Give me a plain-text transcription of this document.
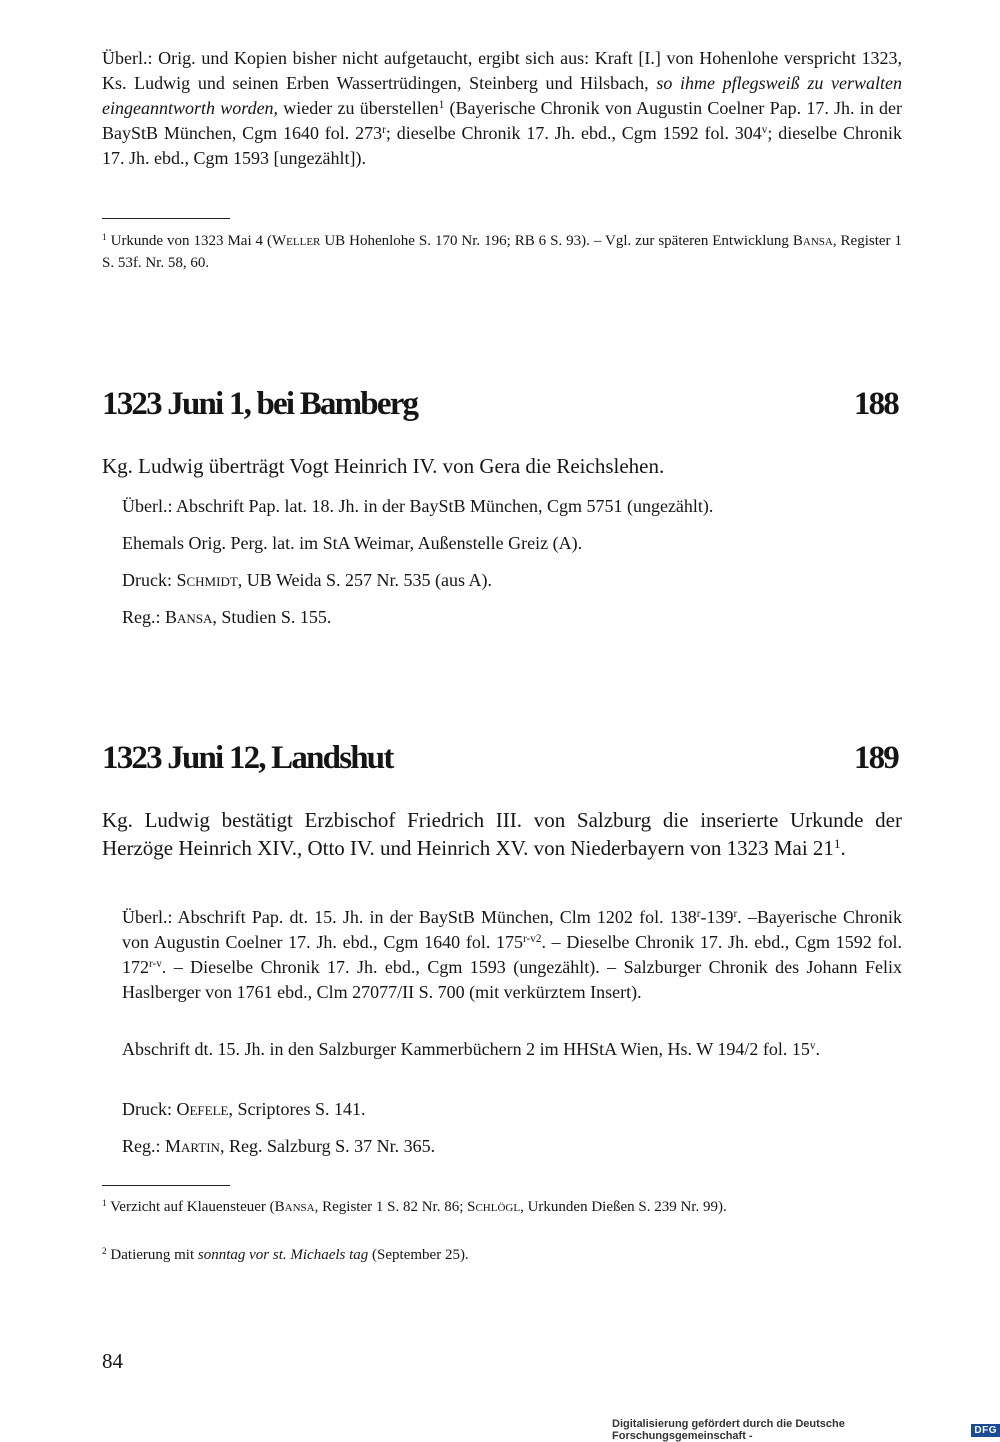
Überl.: Orig. und Kopien bisher nicht aufgetaucht, ergibt sich aus: Kraft [I.] von Hohenlohe verspricht 1323, Ks. Ludwig und seinen Erben Wassertrüdingen, Steinberg und Hilsbach, so ihme pflegsweiß zu verwalten eingeanntworth worden, wieder zu überstellen$^1$ (Bayerische Chronik von Augustin Coelner Pap. 17. Jh. in der BayStB München, Cgm 1640 fol. 273$^r$; dieselbe Chronik 17. Jh. ebd., Cgm 1592 fol. 304$^v$; dieselbe Chronik 17. Jh. ebd., Cgm 1593 [ungezählt]).

$^1$ Urkunde von 1323 Mai 4 (Weller UB Hohenlohe S. 170 Nr. 196; RB 6 S. 93). – Vgl. zur späteren Entwicklung Bansa, Register 1 S. 53f. Nr. 58, 60.

1323 Juni 1, bei Bamberg	188

Kg. Ludwig überträgt Vogt Heinrich IV. von Gera die Reichslehen.

Überl.: Abschrift Pap. lat. 18. Jh. in der BayStB München, Cgm 5751 (ungezählt).

Ehemals Orig. Perg. lat. im StA Weimar, Außenstelle Greiz (A).

Druck: Schmidt, UB Weida S. 257 Nr. 535 (aus A).

Reg.: Bansa, Studien S. 155.

1323 Juni 12, Landshut	189

Kg. Ludwig bestätigt Erzbischof Friedrich III. von Salzburg die inserierte Urkunde der Herzöge Heinrich XIV., Otto IV. und Heinrich XV. von Niederbayern von 1323 Mai $21^1$.

Überl.: Abschrift Pap. dt. 15. Jh. in der BayStB München, Clm 1202 fol. 138$^r$-139$^r$. –Bayerische Chronik von Augustin Coelner 17. Jh. ebd., Cgm 1640 fol. $175^{r-v2}$. – Dieselbe Chronik 17. Jh. ebd., Cgm 1592 fol. 172$^{r-v}$. – Dieselbe Chronik 17. Jh. ebd., Cgm 1593 (ungezählt). – Salzburger Chronik des Johann Felix Haslberger von 1761 ebd., Clm 27077/II S. 700 (mit verkürztem Insert).

Abschrift dt. 15. Jh. in den Salzburger Kammerbüchern 2 im HHStA Wien, Hs. W 194/2 fol. 15$^v$.

Druck: Oefele, Scriptores S. 141.

Reg.: Martin, Reg. Salzburg S. 37 Nr. 365.

$^1$ Verzicht auf Klauensteuer (Bansa, Register 1 S. 82 Nr. 86; Schlögl, Urkunden Dießen S. 239 Nr. 99).

$^2$ Datierung mit sonntag vor st. Michaels tag (September 25).

84
Digitalisierung gefördert durch die Deutsche Forschungsgemeinschaft -	DFG
